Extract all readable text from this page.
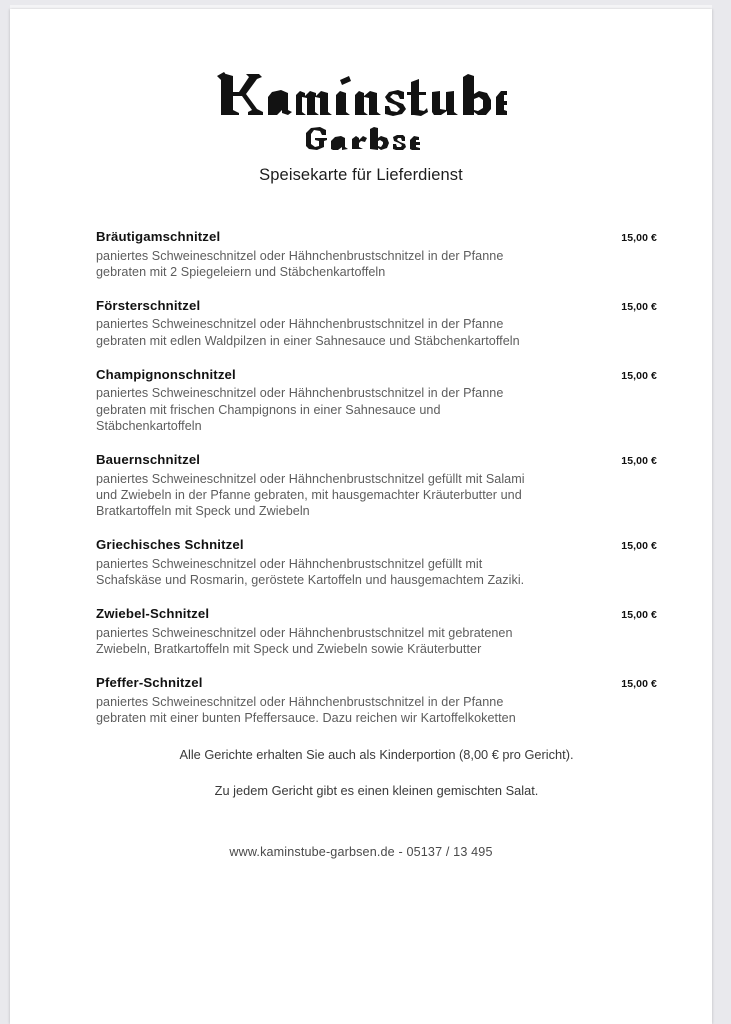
Speisekarte für Lieferdienst
Bräutigamschnitzel	15,00 €
paniertes Schweineschnitzel oder Hähnchenbrustschnitzel in der Pfanne gebraten mit 2 Spiegeleiern und Stäbchenkartoffeln
Försterschnitzel	15,00 €
paniertes Schweineschnitzel oder Hähnchenbrustschnitzel in der Pfanne gebraten mit edlen Waldpilzen in einer Sahnesauce und Stäbchenkartoffeln
Champignonschnitzel	15,00 €
paniertes Schweineschnitzel oder Hähnchenbrustschnitzel in der Pfanne gebraten mit frischen Champignons in einer Sahnesauce und Stäbchenkartoffeln
Bauernschnitzel	15,00 €
paniertes Schweineschnitzel oder Hähnchenbrustschnitzel gefüllt mit Salami und Zwiebeln in der Pfanne gebraten, mit hausgemachter Kräuterbutter und Bratkartoffeln mit Speck und Zwiebeln
Griechisches Schnitzel	15,00 €
paniertes Schweineschnitzel oder Hähnchenbrustschnitzel gefüllt mit Schafskäse und Rosmarin, geröstete Kartoffeln und hausgemachtem Zaziki.
Zwiebel-Schnitzel	15,00 €
paniertes Schweineschnitzel oder Hähnchenbrustschnitzel mit gebratenen Zwiebeln, Bratkartoffeln mit Speck und Zwiebeln sowie Kräuterbutter
Pfeffer-Schnitzel	15,00 €
paniertes Schweineschnitzel oder Hähnchenbrustschnitzel in der Pfanne gebraten mit einer bunten Pfeffersauce. Dazu reichen wir Kartoffelkoketten
Alle Gerichte erhalten Sie auch als Kinderportion (8,00 € pro Gericht).
Zu jedem Gericht gibt es einen kleinen gemischten Salat.
www.kaminstube-garbsen.de - 05137 / 13 495
